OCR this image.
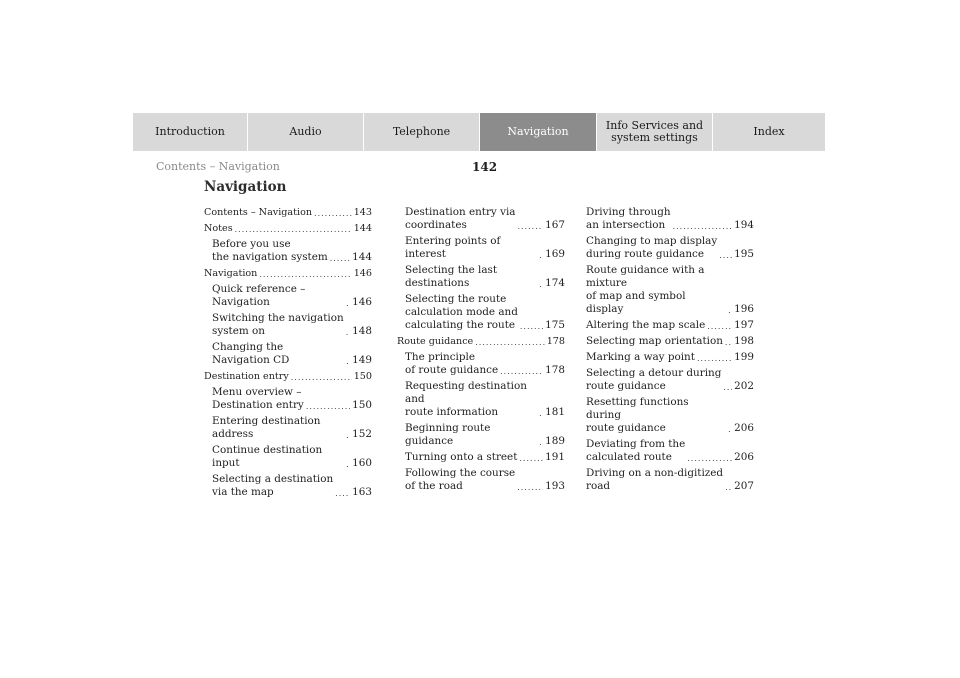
Introduction	Audio	Telephone	Navigation	Info Services and
system settings	Index
Contents – Navigation	142
Navigation
Contents – Navigation .....	143
Notes .....	144
Before you use
the navigation system ..... 144
Navigation .....	146
Quick reference – Navigation .....	146
Switching the navigation
system on .....	148
Changing the Navigation CD .....	149
Destination entry .....	150
Menu overview –
Destination entry .....	150
Entering destination address .....	152
Continue destination input .....	160
Selecting a destination
via the map .....	163
Destination entry via
coordinates .....	167
Entering points of interest .....	169
Selecting the last destinations .....	174
Selecting the route
calculation mode and
calculating the route .....	175
Route guidance .....	178
The principle
of route guidance .....	178
Requesting destination and
route information .....	181
Beginning route guidance .....	189
Turning onto a street .....	191
Following the course
of the road .....	193
Driving through
an intersection .....	194
Changing to map display
during route guidance .....	195
Route guidance with a mixture
of map and symbol display .....	196
Altering the map scale .....	197
Selecting map orientation ..... 198
Marking a way point .....	199
Selecting a detour during
route guidance .....	202
Resetting functions during
route guidance .....	206
Deviating from the
calculated route .....	206
Driving on a non-digitized
road .....	207
